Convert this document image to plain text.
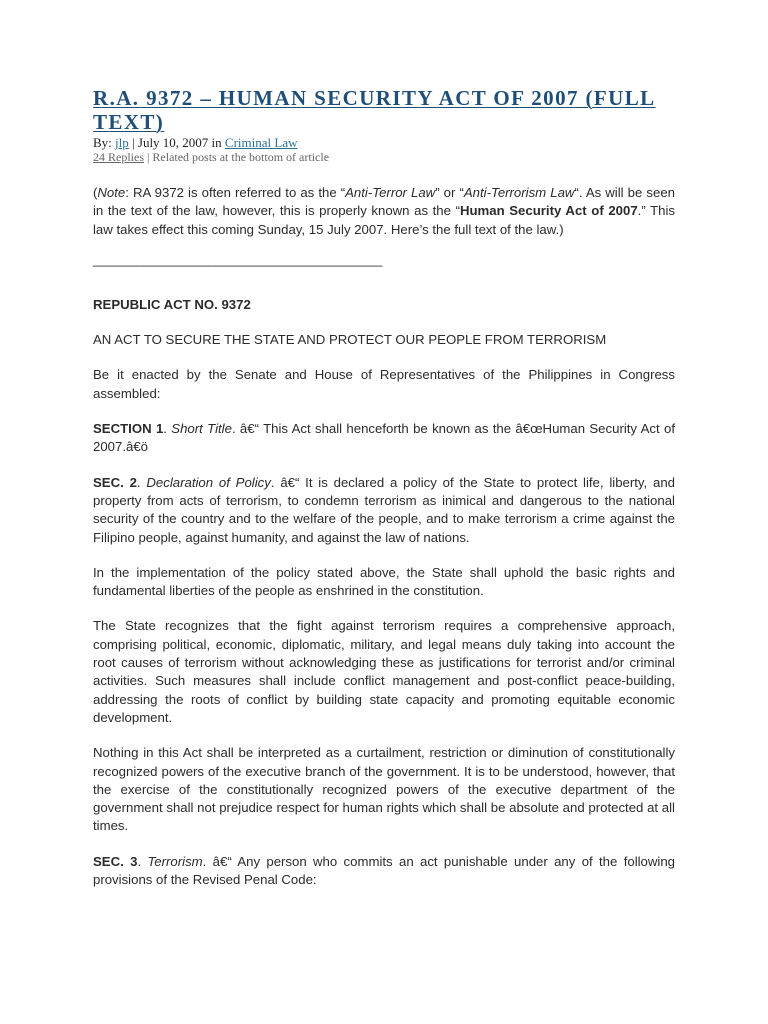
R.A. 9372 – HUMAN SECURITY ACT OF 2007 (FULL TEXT)
By: jlp | July 10, 2007 in Criminal Law
24 Replies | Related posts at the bottom of article

(Note: RA 9372 is often referred to as the “Anti-Terror Law” or “Anti-Terrorism Law“. As will be seen in the text of the law, however, this is properly known as the “Human Security Act of 2007.” This law takes effect this coming Sunday, 15 July 2007. Here’s the full text of the law.)

________________________________________

REPUBLIC ACT NO. 9372

AN ACT TO SECURE THE STATE AND PROTECT OUR PEOPLE FROM TERRORISM

Be it enacted by the Senate and House of Representatives of the Philippines in Congress assembled:

SECTION 1. Short Title. â€“ This Act shall henceforth be known as the â€œHuman Security Act of 2007.â€ö

SEC. 2. Declaration of Policy. â€“ It is declared a policy of the State to protect life, liberty, and property from acts of terrorism, to condemn terrorism as inimical and dangerous to the national security of the country and to the welfare of the people, and to make terrorism a crime against the Filipino people, against humanity, and against the law of nations.

In the implementation of the policy stated above, the State shall uphold the basic rights and fundamental liberties of the people as enshrined in the constitution.

The State recognizes that the fight against terrorism requires a comprehensive approach, comprising political, economic, diplomatic, military, and legal means duly taking into account the root causes of terrorism without acknowledging these as justifications for terrorist and/or criminal activities. Such measures shall include conflict management and post-conflict peace-building, addressing the roots of conflict by building state capacity and promoting equitable economic development.

Nothing in this Act shall be interpreted as a curtailment, restriction or diminution of constitutionally recognized powers of the executive branch of the government. It is to be understood, however, that the exercise of the constitutionally recognized powers of the executive department of the government shall not prejudice respect for human rights which shall be absolute and protected at all times.

SEC. 3. Terrorism. â€“ Any person who commits an act punishable under any of the following provisions of the Revised Penal Code:
